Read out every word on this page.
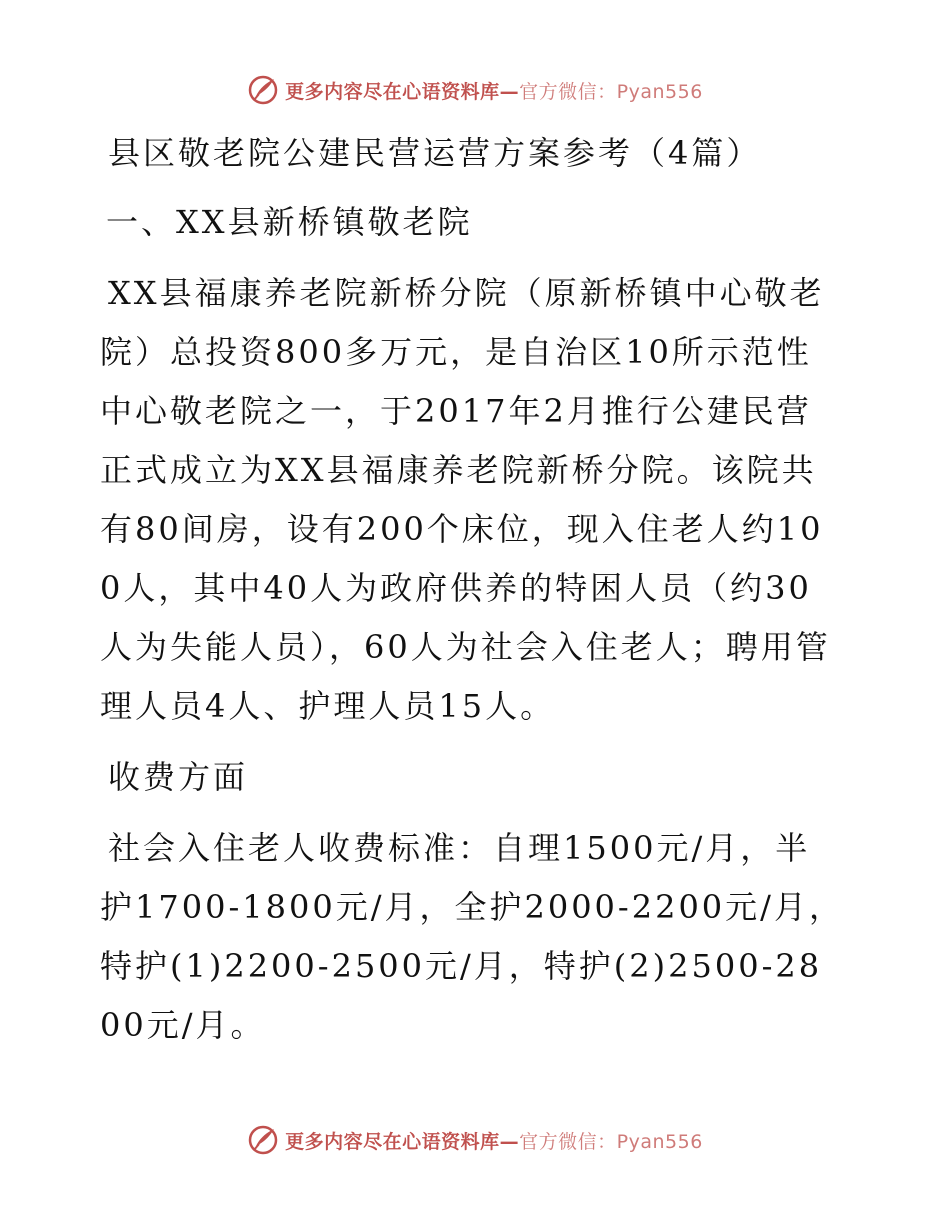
更多内容尽在心语资料库—官方微信：Pyan556

县区敬老院公建民营运营方案参考（4篇）

一、XX县新桥镇敬老院

XX县福康养老院新桥分院（原新桥镇中心敬老院）总投资800多万元，是自治区10所示范性中心敬老院之一，于2017年2月推行公建民营正式成立为XX县福康养老院新桥分院。该院共有80间房，设有200个床位，现入住老人约100人，其中40人为政府供养的特困人员（约30人为失能人员），60人为社会入住老人；聘用管理人员4人、护理人员15人。

收费方面

社会入住老人收费标准：自理1500元/月，半护1700-1800元/月，全护2000-2200元/月，特护(1)2200-2500元/月，特护(2)2500-2800元/月。

更多内容尽在心语资料库—官方微信：Pyan556
